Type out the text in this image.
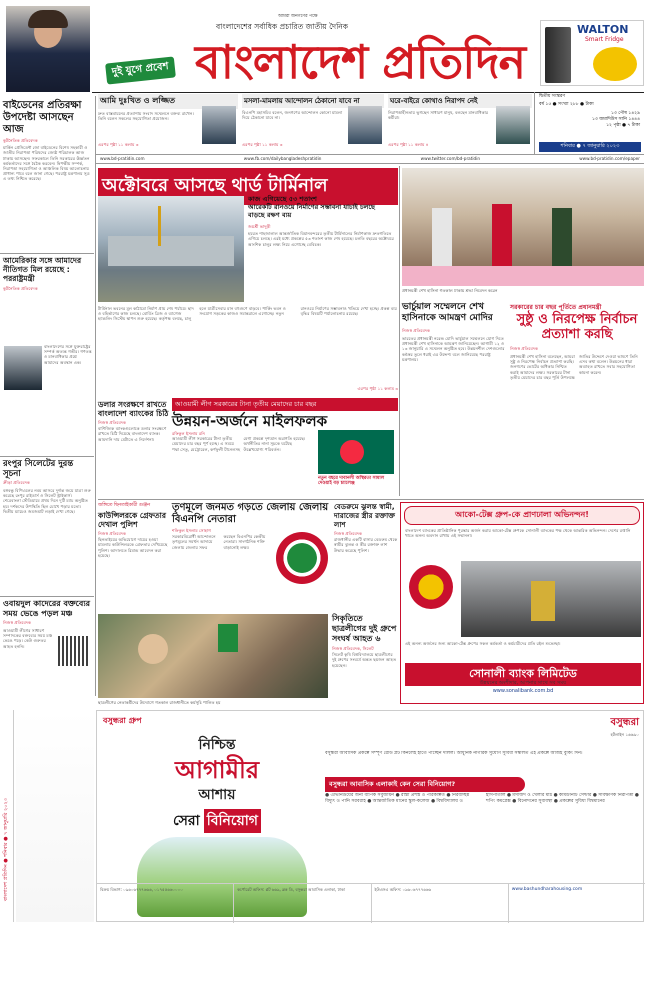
আমরা জনগণের পক্ষে
বাংলাদেশের সর্বাধিক প্রচারিত জাতীয় দৈনিক
বাংলাদেশ প্রতিদিন
দুই যুগে প্রবেশ
WALTON
Smart Fridge
দ্বিতীয় সংস্করণ
বর্ষ ১৫ ● সংখ্যা ২৮৮ ● টাকা
১৩ পৌষ ১৪২৯
১৩ জমাদিউস সানি ১৪৪৪
১২ পৃষ্ঠা ● ৭ টাকা
শনিবার ● ৭ জানুয়ারি ২০২৩
আমি দুঃখিত ও লজ্জিত
দ্রুত বাস্তবায়নের প্রত্যাশায় সংবাদ সম্মেলনে বক্তব্য রাখেন। তিনি বলেন সকলের সহযোগিতা প্রয়োজন।
এরপর পৃষ্ঠা ১১ কলাম ৩
মসলা-মামলায় আন্দোলন ঠেকানো যাবে না
বিএনপি মহাসচিব বলেন, জনগণের আন্দোলন কোনো মামলা দিয়ে ঠেকানো যাবে না।
এরপর পৃষ্ঠা ১১ কলাম ৩
ঘরে-বাইরে কোথাও নিরাপদ নেই
নিরাপত্তাহীনতায় ভুগছেন সাধারণ মানুষ, বলছেন মানবাধিকার কর্মীরা।
এরপর পৃষ্ঠা ১১ কলাম ৪
www.bd-pratidin.com	www.fb.com/dailybangladeshpratidin	www.twitter.com/bd-pratidin	www.bd-pratidin.com/epaper
বাইডেনের প্রতিরক্ষা উপদেষ্টা আসছেন আজ
কূটনৈতিক প্রতিবেদক
মার্কিন প্রেসিডেন্ট জো বাইডেনের বিশেষ সহকারী ও জাতীয় নিরাপত্তা পরিষদের জ্যেষ্ঠ পরিচালক আজ ঢাকায় আসছেন। সফরকালে তিনি সরকারের ঊর্ধ্বতন কর্মকর্তাদের সঙ্গে বৈঠক করবেন। দ্বিপক্ষীয় সম্পর্ক, নিরাপত্তা সহযোগিতা ও আঞ্চলিক বিষয় আলোচনায় প্রাধান্য পাবে বলে জানা গেছে। পররাষ্ট্র মন্ত্রণালয় সূত্র এ তথ্য নিশ্চিত করেছে।
আমেরিকার সঙ্গে আমাদের নীতিগত মিল রয়েছে : পররাষ্ট্রমন্ত্রী
কূটনৈতিক প্রতিবেদক
বাংলাদেশের সঙ্গে যুক্তরাষ্ট্রের সম্পর্ক অত্যন্ত গভীর। গণতন্ত্র ও মানবাধিকার প্রশ্নে আমাদের অবস্থান এক।
রংপুর সিলেটের দুরন্ত সূচনা
ক্রীড়া প্রতিবেদক
বঙ্গবন্ধু বিপিএলের নবম আসরে দুর্দান্ত জয়ে যাত্রা শুরু করেছে রংপুর রাইডার্স ও সিলেট স্ট্রাইকার্স। শেরেবাংলা স্টেডিয়ামে প্রথম দিনে দুটি ম্যাচ অনুষ্ঠিত হয়। দর্শকদের উপস্থিতি ছিল চোখে পড়ার মতো। দ্বিতীয় ম্যাচেও জমজমাট লড়াই দেখা গেছে।
ওবায়দুল কাদেরের বক্তব্যের সময় ভেঙে পড়ল মঞ্চ
নিজস্ব প্রতিবেদক
আওয়ামী লীগের সাধারণ সম্পাদকের বক্তব্যের সময় মঞ্চ ভেঙে পড়ে। কেউ গুরুতর আহত হননি।
অক্টোবরে আসছে থার্ড টার্মিনাল
কাজ এগিয়েছে ৫৩ শতাংশ
আরেকটি রানওয়ে নির্মাণের সম্ভাবনা যাচাই চলছে
বাড়ছে রক্ষণ ব্যয়
জয়শ্রী ভাদুড়ী
হযরত শাহজালাল আন্তর্জাতিক বিমানবন্দরের তৃতীয় টার্মিনালের নির্মাণকাজ দ্রুতগতিতে এগিয়ে চলছে। এরই মধ্যে প্রকল্পের ৫৩ শতাংশ কাজ শেষ হয়েছে। চলতি বছরের অক্টোবরে আংশিক চালুর লক্ষ্য নিয়ে এগোচ্ছে বেবিচক।
টার্মিনাল ভবনের মূল কাঠামো নির্মাণ প্রায় শেষ পর্যায়ে। ছাদ ও বহির্ভাগের কাজ চলছে। বোর্ডিং ব্রিজ ও ব্যাগেজ হ্যান্ডলিং সিস্টেম স্থাপন শুরু হয়েছে। কর্তৃপক্ষ বলছে, চালু হলে যাত্রীসেবার মান বহুগুণে বাড়বে। পার্কিং ভবন ও সংযোগ সড়কের কাজও সমান্তরালে এগোচ্ছে। নতুন রানওয়ে নির্মাণের সম্ভাবনাও খতিয়ে দেখা হচ্ছে। প্রকল্প ব্যয় বৃদ্ধির বিষয়টি পর্যালোচনায় রয়েছে।
এরপর পৃষ্ঠা ১১ কলাম ৩
প্রধানমন্ত্রী শেখ হাসিনা গতকাল ঢাকায় শ্রদ্ধা নিবেদন করেন
ভার্চুয়াল সম্মেলনে শেখ হাসিনাকে আমন্ত্রণ মোদির
নিজস্ব প্রতিবেদক
ভারতের প্রধানমন্ত্রী নরেন্দ্র মোদি ভার্চুয়াল সম্মেলনে যোগ দিতে প্রধানমন্ত্রী শেখ হাসিনাকে আমন্ত্রণ জানিয়েছেন। আগামী ১২ ও ১৩ জানুয়ারি এ সম্মেলন অনুষ্ঠিত হবে। উন্নয়নশীল দেশগুলোর কণ্ঠস্বর তুলে ধরাই এর উদ্দেশ্য বলে জানিয়েছে পররাষ্ট্র মন্ত্রণালয়।
সরকারের চার বছর পূর্তিতে প্রধানমন্ত্রী
সুষ্ঠু ও নিরপেক্ষ নির্বাচন প্রত্যাশা করছি
নিজস্ব প্রতিবেদক
প্রধানমন্ত্রী শেখ হাসিনা বলেছেন, আমরা সুষ্ঠু ও নিরপেক্ষ নির্বাচন প্রত্যাশা করছি। জনগণের ভোটের অধিকার নিশ্চিত করাই আমাদের লক্ষ্য। সরকারের টানা তৃতীয় মেয়াদের চার বছর পূর্তি উপলক্ষে জাতির উদ্দেশে দেওয়া ভাষণে তিনি এসব কথা বলেন। উন্নয়নের ধারা অব্যাহত রাখতে সবার সহযোগিতা কামনা করেন।
ডলার সংরক্ষণে রাখতে বাংলাদেশ ব্যাংকের চিঠি
নিজস্ব প্রতিবেদক
বাণিজ্যিক ব্যাংকগুলোকে ডলার সংরক্ষণে রাখতে চিঠি দিয়েছে বাংলাদেশ ব্যাংক। আমদানি দায় মেটাতে এ নির্দেশনা।
আওয়ামী লীগ সরকারের টানা তৃতীয় মেয়াদের চার বছর
উন্নয়ন-অর্জনে মাইলফলক
রফিকুল ইসলাম রনি
আওয়ামী লীগ সরকারের টানা তৃতীয় মেয়াদের চার বছর পূর্ণ হচ্ছে। এ সময়ে পদ্মা সেতু, মেট্রোরেল, কর্ণফুলী টানেলসহ মেগা প্রকল্পে দৃশ্যমান অগ্রগতি হয়েছে। অর্থনীতির নানা সূচকে ঘটেছে উল্লেখযোগ্য পরিবর্তন।
নতুন বছরে দাবানলী অস্থিরতা সামাল দেওয়াই বড় চ্যালেঞ্জ
জঙ্গিতে ছিনতাইকারী গুঞ্জন
কাউন্সিলরকে গ্রেফতার দেখাল পুলিশ
নিজস্ব প্রতিবেদক
ছিনতাইয়ের অভিযোগে দায়ের হওয়া মামলায় কাউন্সিলরকে গ্রেফতার দেখিয়েছে পুলিশ। আদালতে রিমান্ড আবেদন করা হয়েছে।
তৃণমূলে জনমত গড়তে জেলায় জেলায় বিএনপি নেতারা
শফিকুল ইসলাম সোহাগ
সরকারবিরোধী আন্দোলনে তৃণমূলের সমর্থন আদায়ে জেলায় জেলায় সফর করছেন বিএনপির কেন্দ্রীয় নেতারা। সাংগঠনিক শক্তি বাড়ানোই লক্ষ্য।
বেডরুমে ঝুলন্ত স্বামী, দারাজের স্ত্রীর রক্তাক্ত লাশ
নিজস্ব প্রতিবেদক
রাজধানীর একটি বাসার বেডরুম থেকে স্বামীর ঝুলন্ত ও স্ত্রীর রক্তাক্ত লাশ উদ্ধার করেছে পুলিশ।
ছাত্রলীগের নেতাকর্মীদের উদ্যোগে গতকাল রাজধানীতে কর্মসূচি পালিত হয়
সিকৃতিতে ছাত্রলীগের দুই গ্রুপে সংঘর্ষ আহত ৬
নিজস্ব প্রতিবেদক, সিলেট
সিলেট কৃষি বিশ্ববিদ্যালয়ে ছাত্রলীগের দুই গ্রুপের সংঘর্ষে অন্তত ছয়জন আহত হয়েছেন।
আকো-টেক্স গ্রুপ-কে প্রাণঢালা অভিনন্দন!
বাংলাদেশ ব্যাংকের প্রাতিষ্ঠানিক পুরস্কার অর্জন করায় আকো-টেক্স গ্রুপকে সোনালী ব্যাংকের পক্ষ থেকে আন্তরিক অভিনন্দন। দেশের রপ্তানি খাতে অনন্য অবদান রাখায় এই সম্মাননা।
এই অনন্য অর্জনের জন্য আকো-টেক্স গ্রুপের সকল কর্মকর্তা ও কর্মচারীদের প্রতি রইল শুভেচ্ছা।
সোনালী ব্যাংক লিমিটেড
উন্নয়নের অংশীদার, আপনার সাথে সব সময়
www.sonalibank.com.bd
বসুন্ধরা গ্রুপ
নিশ্চিন্ত
আগামীর
আশায়
সেরা বিনিয়োগ
বসুন্ধরা
হটলাইন ১৬৬৯০
বসুন্ধরা আবাসিক প্রকল্পে সম্পূর্ণ রেডি প্লট কিনলেই হাতে পাচ্ছেন দলিল। আধুনিক নাগরিক সুযোগ সুবিধা সম্বলিত এই প্রকল্পে আজই বুকিং দিন।
বসুন্ধরা আবাসিক এলাকাই কেন সেরা বিনিয়োগ?
● এভিনিউয়ের জন্য ব্যাপক সবুজায়ন ● রাস্তা প্রশস্ত ও পরিকল্পিত ● নিরবচ্ছিন্ন বিদ্যুৎ ও পানি সরবরাহ ● আন্তর্জাতিক মানের স্কুল-কলেজ ● বিশ্ববিদ্যালয় ও হাসপাতাল ● মসজিদ ও খেলার মাঠ ● কমিউনিটি সেন্টার ● সার্বক্ষণিক নিরাপত্তা ● শপিং কমপ্লেক্স ● বিনোদনের সুব্যবস্থা ● প্রকল্পের সুবিধা বিশ্বমানের
বিক্রয় বিভাগ: ০৯৬০৬৭৭৭৬৬৬, ০১৭৫৫৬৬০০০০	কর্পোরেট অফিস: প্লট ৬৬৯, ব্লক ডি, বসুন্ধরা আবাসিক এলাকা, ঢাকা	ইউএসএ অফিস: ০৯৬০৬৭৭৭৬৬৬	www.bashundharahousing.com
বাংলাদেশ প্রতিদিন ● শনিবার ● ৭ জানুয়ারি ২০২৩
